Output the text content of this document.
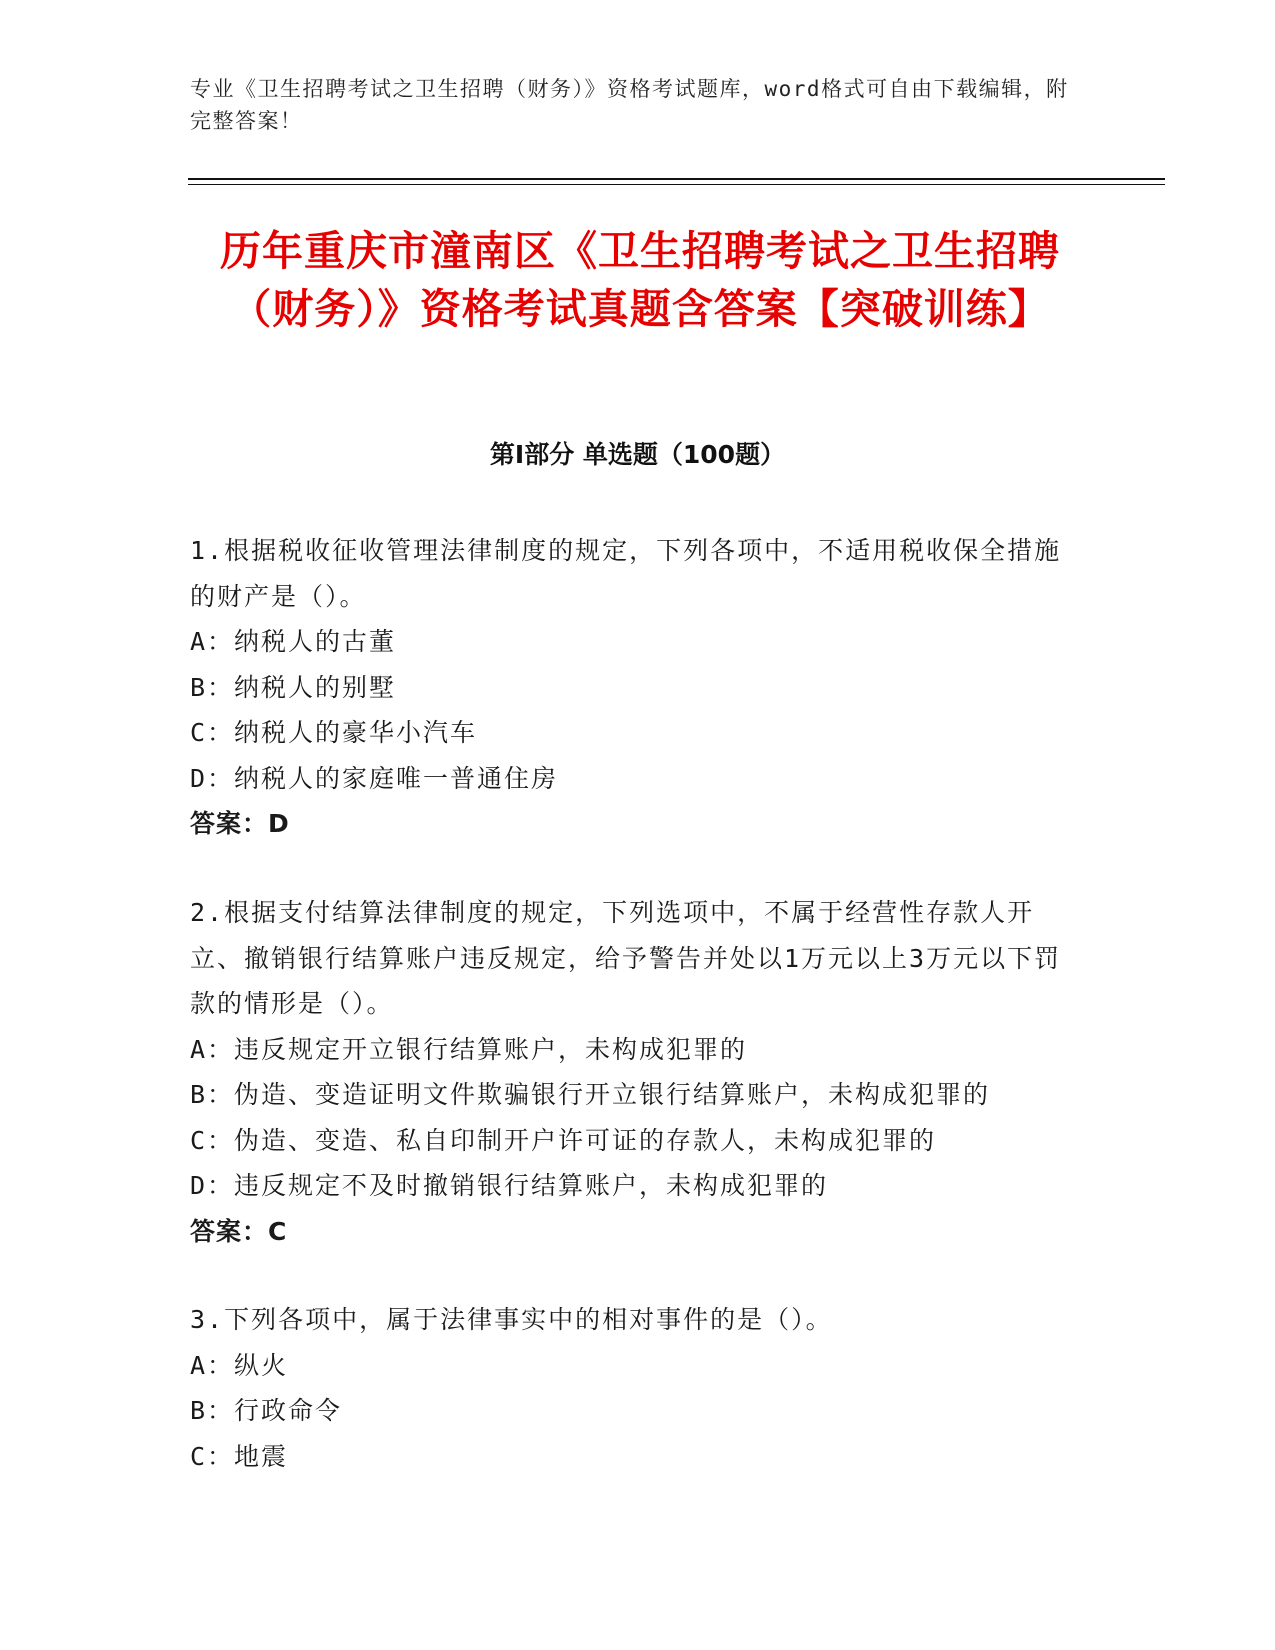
专业《卫生招聘考试之卫生招聘（财务）》资格考试题库，word格式可自由下载编辑，附完整答案！
历年重庆市潼南区《卫生招聘考试之卫生招聘（财务）》资格考试真题含答案【突破训练】
第I部分 单选题（100题）

1.根据税收征收管理法律制度的规定，下列各项中，不适用税收保全措施的财产是（）。

A：纳税人的古董

B：纳税人的别墅

C：纳税人的豪华小汽车

D：纳税人的家庭唯一普通住房

答案：D

2.根据支付结算法律制度的规定，下列选项中，不属于经营性存款人开立、撤销银行结算账户违反规定，给予警告并处以1万元以上3万元以下罚款的情形是（）。

A：违反规定开立银行结算账户，未构成犯罪的

B：伪造、变造证明文件欺骗银行开立银行结算账户，未构成犯罪的

C：伪造、变造、私自印制开户许可证的存款人，未构成犯罪的

D：违反规定不及时撤销银行结算账户，未构成犯罪的

答案：C

3.下列各项中，属于法律事实中的相对事件的是（）。

A：纵火

B：行政命令

C：地震
